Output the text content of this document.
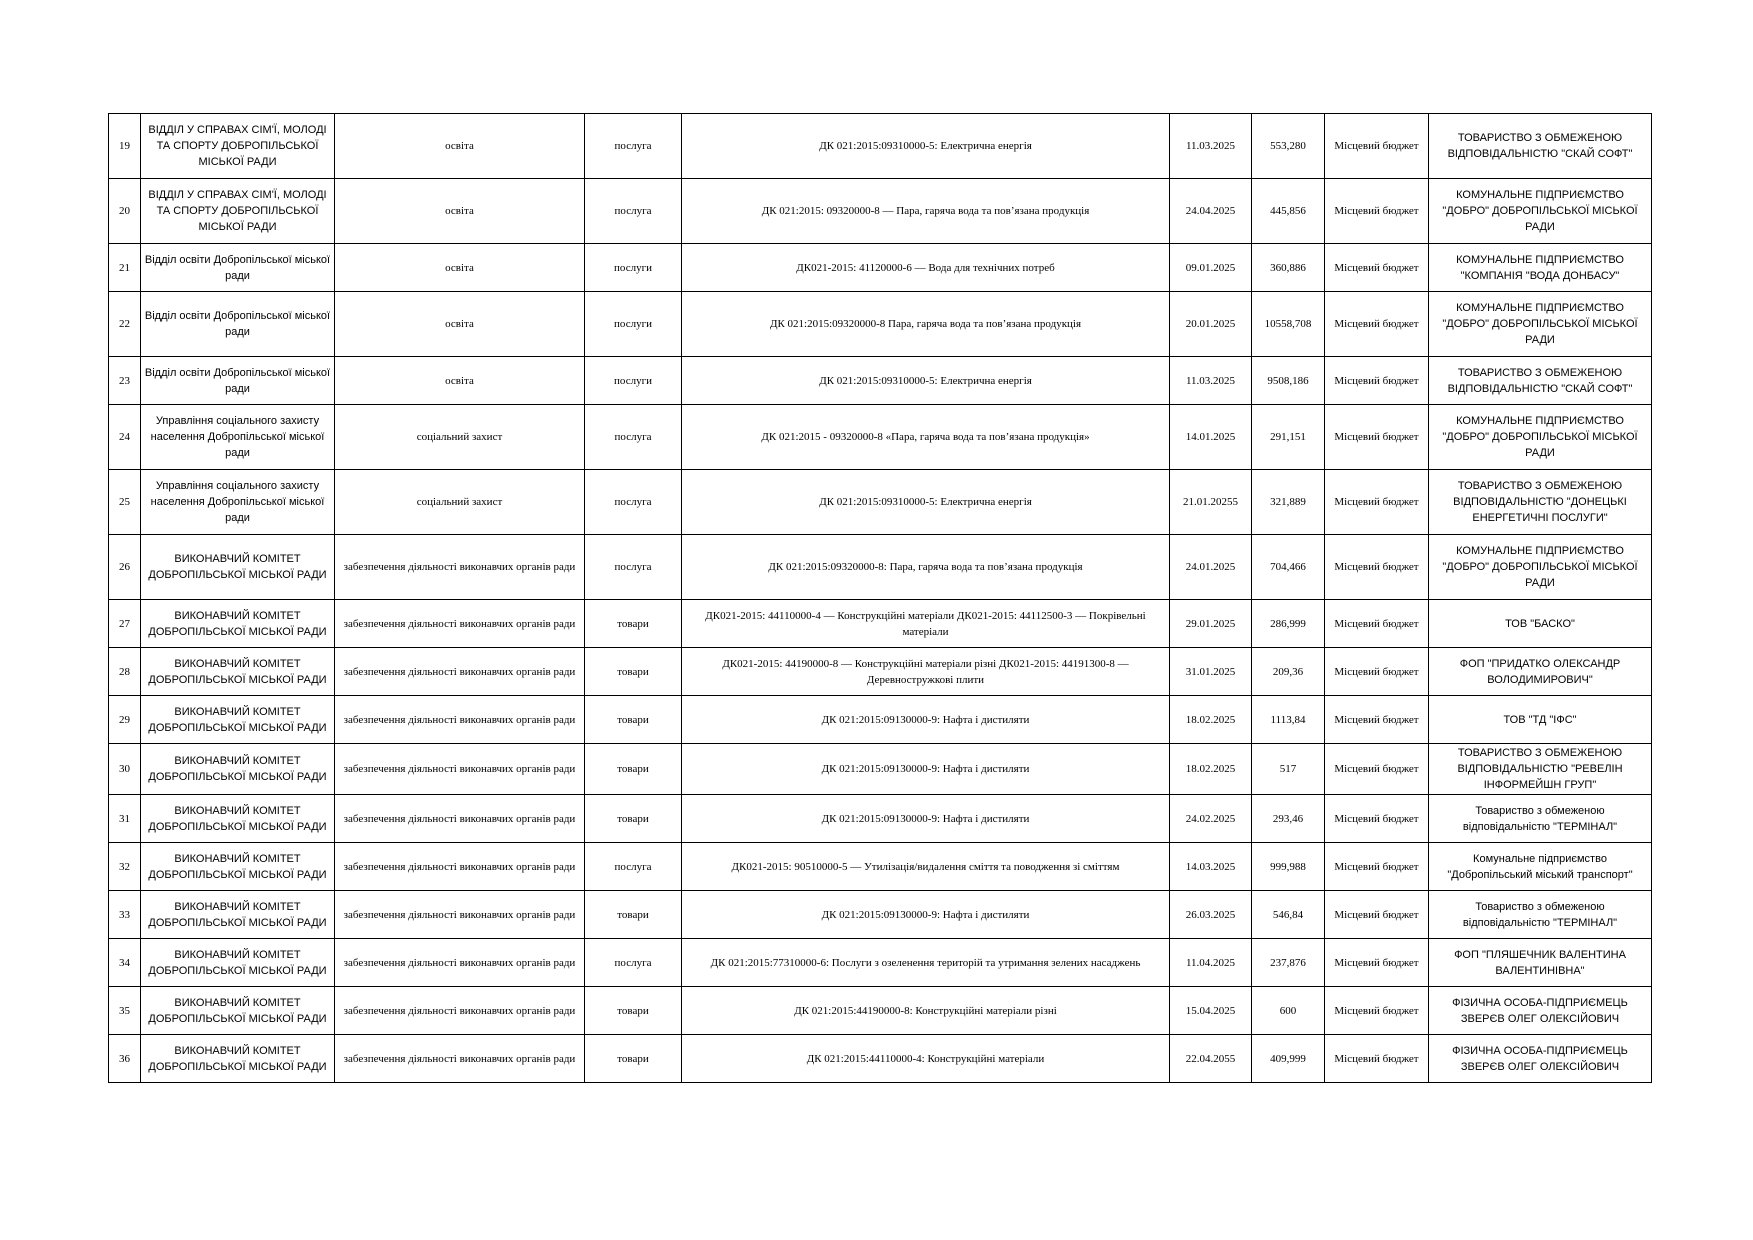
19	ВІДДІЛ У СПРАВАХ СІМ'Ї, МОЛОДІ ТА СПОРТУ ДОБРОПІЛЬСЬКОЇ МІСЬКОЇ РАДИ	освіта	послуга	ДК 021:2015:09310000-5: Електрична енергія	11.03.2025	553,280	Місцевий бюджет	ТОВАРИСТВО З ОБМЕЖЕНОЮ ВІДПОВІДАЛЬНІСТЮ "СКАЙ СОФТ"
20	ВІДДІЛ У СПРАВАХ СІМ'Ї, МОЛОДІ ТА СПОРТУ ДОБРОПІЛЬСЬКОЇ МІСЬКОЇ РАДИ	освіта	послуга	ДК 021:2015: 09320000-8 — Пара, гаряча вода та пов’язана продукція	24.04.2025	445,856	Місцевий бюджет	КОМУНАЛЬНЕ ПІДПРИЄМСТВО "ДОБРО" ДОБРОПІЛЬСЬКОЇ МІСЬКОЇ РАДИ
21	Відділ освіти Добропільської міської ради	освіта	послуги	ДК021-2015: 41120000-6 — Вода для технічних потреб	09.01.2025	360,886	Місцевий бюджет	КОМУНАЛЬНЕ ПІДПРИЄМСТВО "КОМПАНІЯ "ВОДА ДОНБАСУ"
22	Відділ освіти Добропільської міської ради	освіта	послуги	ДК 021:2015:09320000-8 Пара, гаряча вода та пов’язана продукція	20.01.2025	10558,708	Місцевий бюджет	КОМУНАЛЬНЕ ПІДПРИЄМСТВО "ДОБРО" ДОБРОПІЛЬСЬКОЇ МІСЬКОЇ РАДИ
23	Відділ освіти Добропільської міської ради	освіта	послуги	ДК 021:2015:09310000-5: Електрична енергія	11.03.2025	9508,186	Місцевий бюджет	ТОВАРИСТВО З ОБМЕЖЕНОЮ ВІДПОВІДАЛЬНІСТЮ "СКАЙ СОФТ"
24	Управління соціального захисту населення Добропільської міської ради	соціальний захист	послуга	ДК 021:2015 - 09320000-8 «Пара, гаряча вода та пов’язана продукція»	14.01.2025	291,151	Місцевий бюджет	КОМУНАЛЬНЕ ПІДПРИЄМСТВО "ДОБРО" ДОБРОПІЛЬСЬКОЇ МІСЬКОЇ РАДИ
25	Управління соціального захисту населення Добропільської міської ради	соціальний захист	послуга	ДК 021:2015:09310000-5: Електрична енергія	21.01.20255	321,889	Місцевий бюджет	ТОВАРИСТВО З ОБМЕЖЕНОЮ ВІДПОВІДАЛЬНІСТЮ "ДОНЕЦЬКІ ЕНЕРГЕТИЧНІ ПОСЛУГИ"
26	ВИКОНАВЧИЙ КОМІТЕТ ДОБРОПІЛЬСЬКОЇ МІСЬКОЇ РАДИ	забезпечення діяльності виконавчих органів ради	послуга	ДК 021:2015:09320000-8: Пара, гаряча вода та пов’язана продукція	24.01.2025	704,466	Місцевий бюджет	КОМУНАЛЬНЕ ПІДПРИЄМСТВО "ДОБРО" ДОБРОПІЛЬСЬКОЇ МІСЬКОЇ РАДИ
27	ВИКОНАВЧИЙ КОМІТЕТ ДОБРОПІЛЬСЬКОЇ МІСЬКОЇ РАДИ	забезпечення діяльності виконавчих органів ради	товари	ДК021-2015: 44110000-4 — Конструкційні матеріали ДК021-2015: 44112500-3 — Покрівельні матеріали	29.01.2025	286,999	Місцевий бюджет	ТОВ "БАСКО"
28	ВИКОНАВЧИЙ КОМІТЕТ ДОБРОПІЛЬСЬКОЇ МІСЬКОЇ РАДИ	забезпечення діяльності виконавчих органів ради	товари	ДК021-2015: 44190000-8 — Конструкційні матеріали різні ДК021-2015: 44191300-8 — Деревностружкові плити	31.01.2025	209,36	Місцевий бюджет	ФОП "ПРИДАТКО ОЛЕКСАНДР ВОЛОДИМИРОВИЧ"
29	ВИКОНАВЧИЙ КОМІТЕТ ДОБРОПІЛЬСЬКОЇ МІСЬКОЇ РАДИ	забезпечення діяльності виконавчих органів ради	товари	ДК 021:2015:09130000-9: Нафта і дистиляти	18.02.2025	1113,84	Місцевий бюджет	ТОВ "ТД "ІФС"
30	ВИКОНАВЧИЙ КОМІТЕТ ДОБРОПІЛЬСЬКОЇ МІСЬКОЇ РАДИ	забезпечення діяльності виконавчих органів ради	товари	ДК 021:2015:09130000-9: Нафта і дистиляти	18.02.2025	517	Місцевий бюджет	ТОВАРИСТВО З ОБМЕЖЕНОЮ ВІДПОВІДАЛЬНІСТЮ "РЕВЕЛІН ІНФОРМЕЙШН ГРУП"
31	ВИКОНАВЧИЙ КОМІТЕТ ДОБРОПІЛЬСЬКОЇ МІСЬКОЇ РАДИ	забезпечення діяльності виконавчих органів ради	товари	ДК 021:2015:09130000-9: Нафта і дистиляти	24.02.2025	293,46	Місцевий бюджет	Товариство з обмеженою відповідальністю "ТЕРМІНАЛ"
32	ВИКОНАВЧИЙ КОМІТЕТ ДОБРОПІЛЬСЬКОЇ МІСЬКОЇ РАДИ	забезпечення діяльності виконавчих органів ради	послуга	ДК021-2015: 90510000-5 — Утилізація/видалення сміття та поводження зі сміттям	14.03.2025	999,988	Місцевий бюджет	Комунальне підприємство "Добропільський міський транспорт"
33	ВИКОНАВЧИЙ КОМІТЕТ ДОБРОПІЛЬСЬКОЇ МІСЬКОЇ РАДИ	забезпечення діяльності виконавчих органів ради	товари	ДК 021:2015:09130000-9: Нафта і дистиляти	26.03.2025	546,84	Місцевий бюджет	Товариство з обмеженою відповідальністю "ТЕРМІНАЛ"
34	ВИКОНАВЧИЙ КОМІТЕТ ДОБРОПІЛЬСЬКОЇ МІСЬКОЇ РАДИ	забезпечення діяльності виконавчих органів ради	послуга	ДК 021:2015:77310000-6: Послуги з озеленення територій та утримання зелених насаджень	11.04.2025	237,876	Місцевий бюджет	ФОП "ПЛЯШЕЧНИК ВАЛЕНТИНА ВАЛЕНТИНІВНА"
35	ВИКОНАВЧИЙ КОМІТЕТ ДОБРОПІЛЬСЬКОЇ МІСЬКОЇ РАДИ	забезпечення діяльності виконавчих органів ради	товари	ДК 021:2015:44190000-8: Конструкційні матеріали різні	15.04.2025	600	Місцевий бюджет	ФІЗИЧНА ОСОБА-ПІДПРИЄМЕЦЬ ЗВЕРЄВ ОЛЕГ ОЛЕКСІЙОВИЧ
36	ВИКОНАВЧИЙ КОМІТЕТ ДОБРОПІЛЬСЬКОЇ МІСЬКОЇ РАДИ	забезпечення діяльності виконавчих органів ради	товари	ДК 021:2015:44110000-4: Конструкційні матеріали	22.04.2055	409,999	Місцевий бюджет	ФІЗИЧНА ОСОБА-ПІДПРИЄМЕЦЬ ЗВЕРЄВ ОЛЕГ ОЛЕКСІЙОВИЧ
